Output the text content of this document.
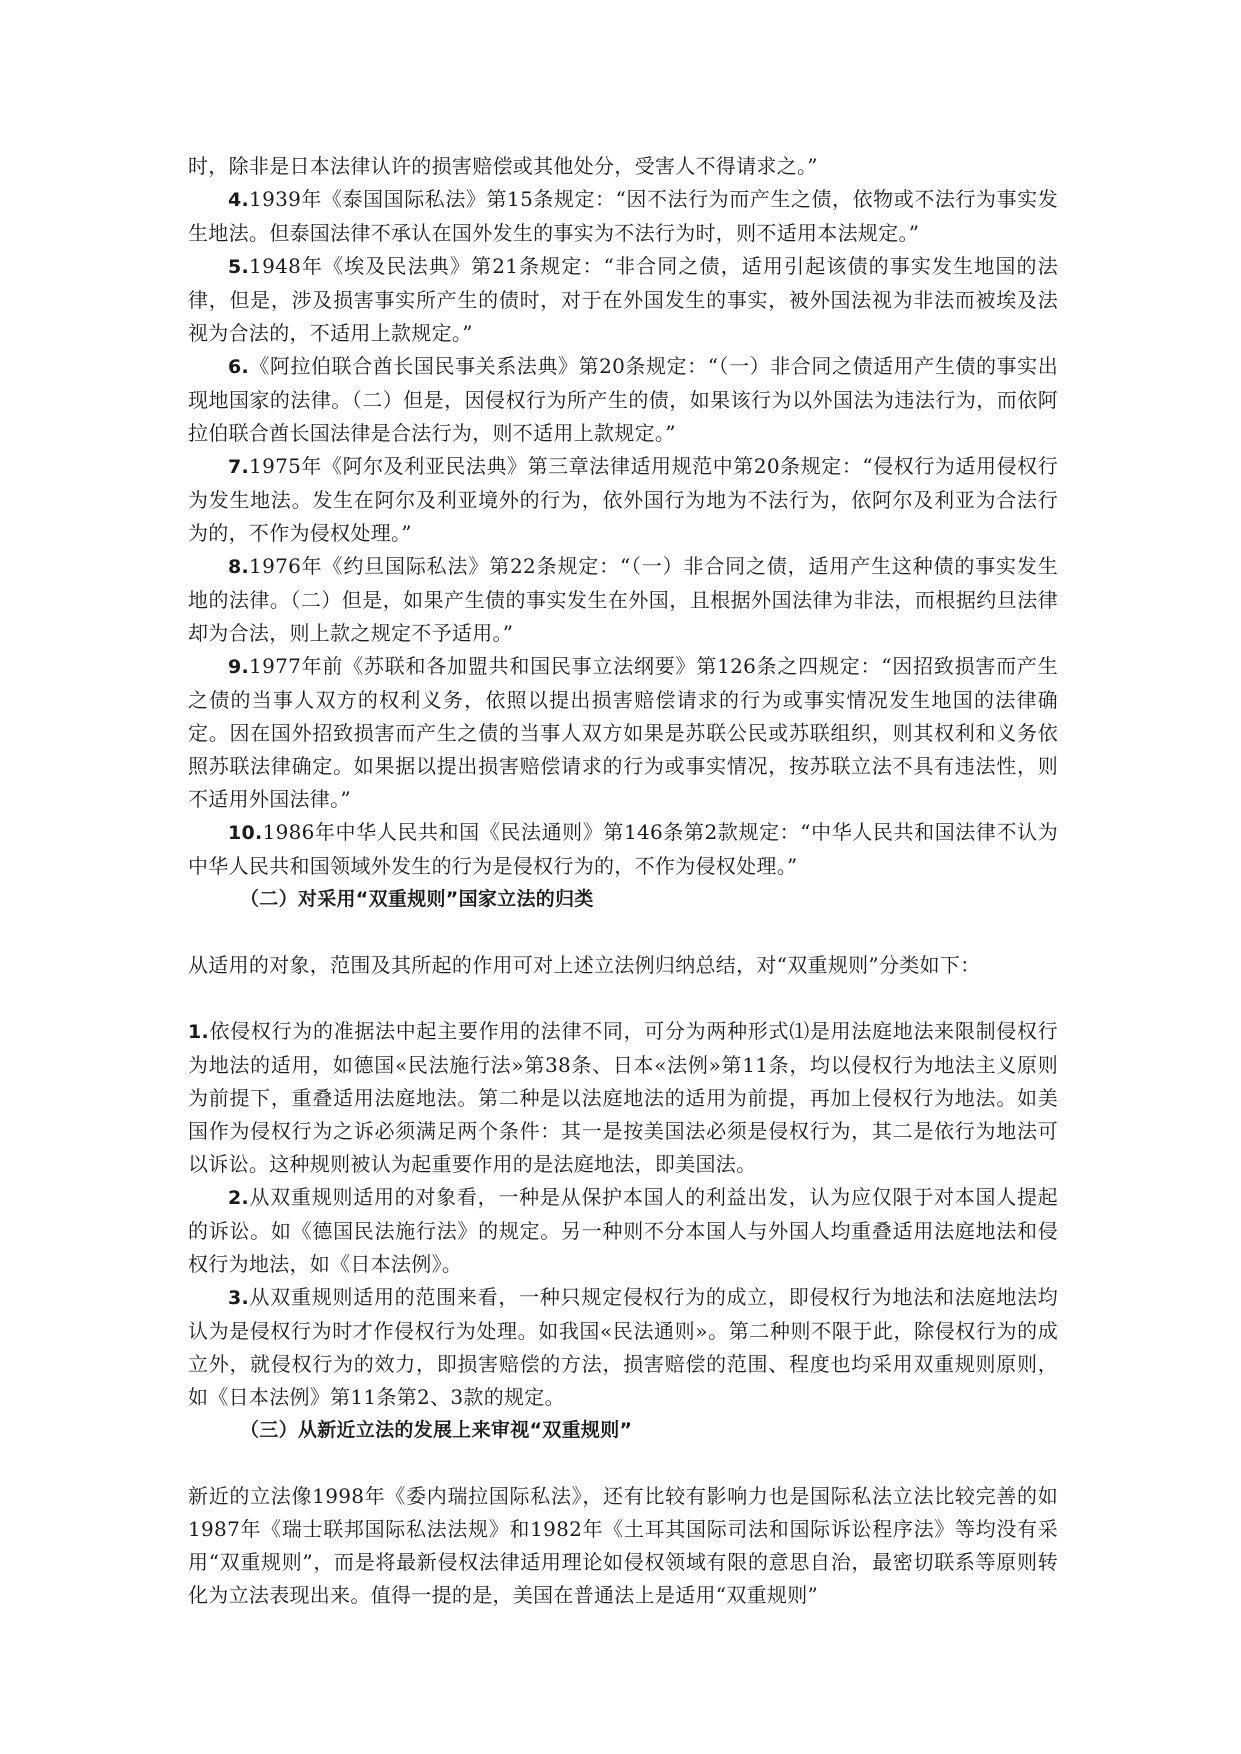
时，除非是日本法律认许的损害赔偿或其他处分，受害人不得请求之。”

4.1939年《泰国国际私法》第15条规定：“因不法行为而产生之债，依物或不法行为事实发生地法。但泰国法律不承认在国外发生的事实为不法行为时，则不适用本法规定。”

5.1948年《埃及民法典》第21条规定：“非合同之债，适用引起该债的事实发生地国的法律，但是，涉及损害事实所产生的债时，对于在外国发生的事实，被外国法视为非法而被埃及法视为合法的，不适用上款规定。”

6.《阿拉伯联合酋长国民事关系法典》第20条规定：“（一）非合同之债适用产生债的事实出现地国家的法律。（二）但是，因侵权行为所产生的债，如果该行为以外国法为违法行为，而依阿拉伯联合酋长国法律是合法行为，则不适用上款规定。”

7.1975年《阿尔及利亚民法典》第三章法律适用规范中第20条规定：“侵权行为适用侵权行为发生地法。发生在阿尔及利亚境外的行为，依外国行为地为不法行为，依阿尔及利亚为合法行为的，不作为侵权处理。”

8.1976年《约旦国际私法》第22条规定：“（一）非合同之债，适用产生这种债的事实发生地的法律。（二）但是，如果产生债的事实发生在外国，且根据外国法律为非法，而根据约旦法律却为合法，则上款之规定不予适用。”

9.1977年前《苏联和各加盟共和国民事立法纲要》第126条之四规定：“因招致损害而产生之债的当事人双方的权利义务，依照以提出损害赔偿请求的行为或事实情况发生地国的法律确定。因在国外招致损害而产生之债的当事人双方如果是苏联公民或苏联组织，则其权利和义务依照苏联法律确定。如果据以提出损害赔偿请求的行为或事实情况，按苏联立法不具有违法性，则不适用外国法律。”

10.1986年中华人民共和国《民法通则》第146条第2款规定：“中华人民共和国法律不认为中华人民共和国领域外发生的行为是侵权行为的，不作为侵权处理。”

（二）对采用“双重规则”国家立法的归类

从适用的对象，范围及其所起的作用可对上述立法例归纳总结，对“双重规则”分类如下：

1.依侵权行为的准据法中起主要作用的法律不同，可分为两种形式⑴是用法庭地法来限制侵权行为地法的适用，如德国«民法施行法»第38条、日本«法例»第11条，均以侵权行为地法主义原则为前提下，重叠适用法庭地法。第二种是以法庭地法的适用为前提，再加上侵权行为地法。如美国作为侵权行为之诉必须满足两个条件：其一是按美国法必须是侵权行为，其二是依行为地法可以诉讼。这种规则被认为起重要作用的是法庭地法，即美国法。

2.从双重规则适用的对象看，一种是从保护本国人的利益出发，认为应仅限于对本国人提起的诉讼。如《德国民法施行法》的规定。另一种则不分本国人与外国人均重叠适用法庭地法和侵权行为地法，如《日本法例》。

3.从双重规则适用的范围来看，一种只规定侵权行为的成立，即侵权行为地法和法庭地法均认为是侵权行为时才作侵权行为处理。如我国«民法通则»。第二种则不限于此，除侵权行为的成立外，就侵权行为的效力，即损害赔偿的方法，损害赔偿的范围、程度也均采用双重规则原则，如《日本法例》第11条第2、3款的规定。

（三）从新近立法的发展上来审视“双重规则”

新近的立法像1998年《委内瑞拉国际私法》，还有比较有影响力也是国际私法立法比较完善的如1987年《瑞士联邦国际私法法规》和1982年《土耳其国际司法和国际诉讼程序法》等均没有采用“双重规则”，而是将最新侵权法律适用理论如侵权领域有限的意思自治，最密切联系等原则转化为立法表现出来。值得一提的是，美国在普通法上是适用“双重规则”
